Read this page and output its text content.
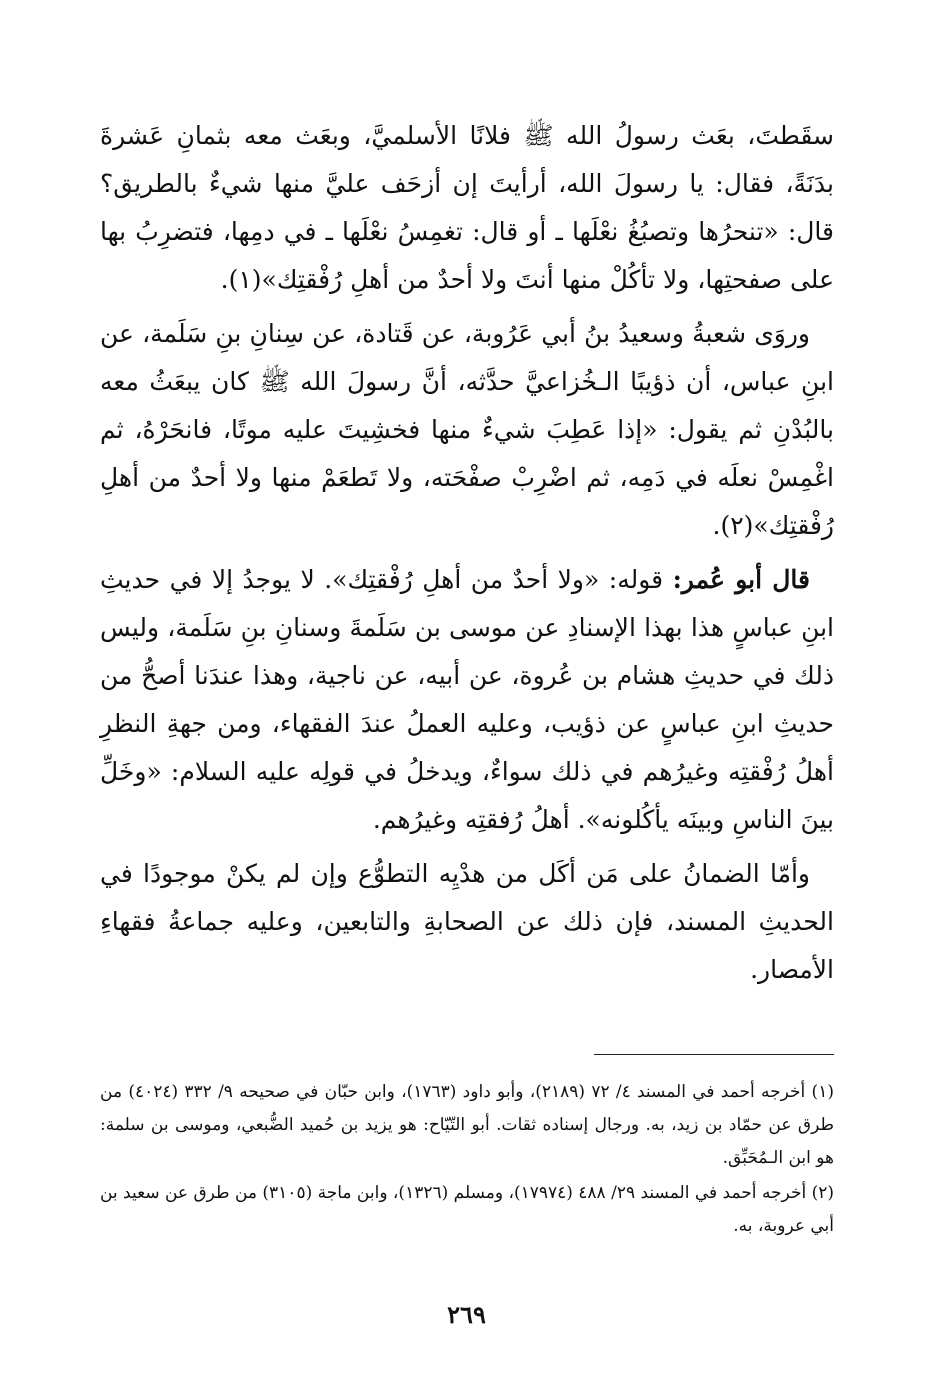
سقَطتَ، بعَث رسولُ الله ﷺ فلانًا الأسلميَّ، وبعَث معه بثمانِ عَشرةَ بدَنَةً، فقال: يا رسولَ الله، أرأيتَ إن أزحَف عليَّ منها شيءٌ بالطريق؟ قال: «تنحرُها وتصبُغُ نعْلَها ـ أو قال: تغمِسُ نعْلَها ـ في دمِها، فتضرِبُ بها على صفحتِها، ولا تأكُلْ منها أنتَ ولا أحدٌ من أهلِ رُفْقتِك»(١).

وروَى شعبةُ وسعيدُ بنُ أبي عَرُوبة، عن قَتادة، عن سِنانِ بنِ سَلَمة، عن ابنِ عباس، أن ذؤيبًا الـخُزاعيَّ حدَّثه، أنَّ رسولَ الله ﷺ كان يبعَثُ معه بالبُدْنِ ثم يقول: «إذا عَطِبَ شيءٌ منها فخشِيتَ عليه موتًا، فانحَرْهُ، ثم اغْمِسْ نعلَه في دَمِه، ثم اضْرِبْ صفْحَته، ولا تَطعَمْ منها ولا أحدٌ من أهلِ رُفْقتِك»(٢).

قال أبو عُمر: قوله: «ولا أحدٌ من أهلِ رُفْقتِك». لا يوجدُ إلا في حديثِ ابنِ عباسٍ هذا بهذا الإسنادِ عن موسى بن سَلَمةَ وسنانِ بنِ سَلَمة، وليس ذلك في حديثِ هشام بن عُروة، عن أبيه، عن ناجية، وهذا عندَنا أصحُّ من حديثِ ابنِ عباسٍ عن ذؤيب، وعليه العملُ عندَ الفقهاء، ومن جهةِ النظرِ أهلُ رُفْقتِه وغيرُهم في ذلك سواءٌ، ويدخلُ في قولِه عليه السلام: «وخَلِّ بينَ الناسِ وبينَه يأكُلونه». أهلُ رُفقتِه وغيرُهم.

وأمّا الضمانُ على مَن أكَل من هدْيِه التطوُّع وإن لم يكنْ موجودًا في الحديثِ المسند، فإن ذلك عن الصحابةِ والتابعين، وعليه جماعةُ فقهاءِ الأمصار.

(١) أخرجه أحمد في المسند ٤/ ٧٢ (٢١٨٩)، وأبو داود (١٧٦٣)، وابن حبّان في صحيحه ٩/ ٣٣٢ (٤٠٢٤) من طرق عن حمّاد بن زيد، به. ورجال إسناده ثقات. أبو التّيّاح: هو يزيد بن حُميد الضُّبعي، وموسى بن سلمة: هو ابن الـمُحَبِّق.

(٢) أخرجه أحمد في المسند ٢٩/ ٤٨٨ (١٧٩٧٤)، ومسلم (١٣٢٦)، وابن ماجة (٣١٠٥) من طرق عن سعيد بن أبي عروبة، به.

٢٦٩
